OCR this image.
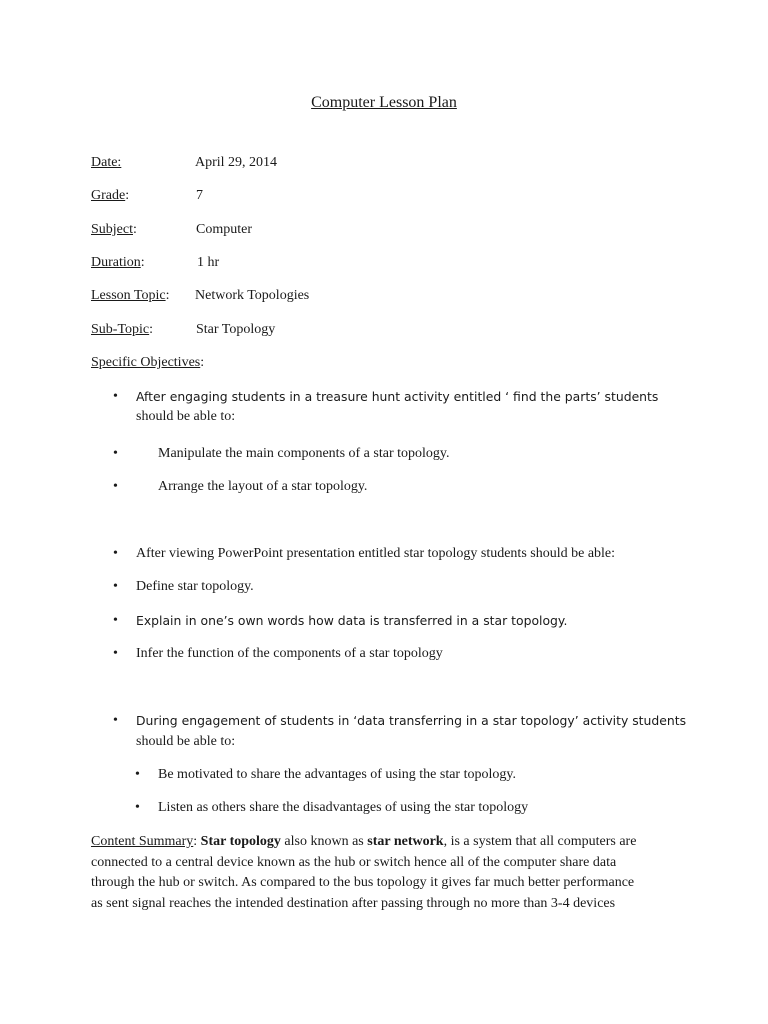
Computer Lesson Plan
Date:	April 29, 2014
Grade:	7
Subject:	Computer
Duration:	1 hr
Lesson Topic: Network Topologies
Sub-Topic:	Star Topology
Specific Objectives:
• After engaging students in a treasure hunt activity entitled ‘ find the parts’ students
should be able to:
•	Manipulate the main components of a star topology.
•	Arrange the layout of a star topology.
• After viewing PowerPoint presentation entitled star topology students should be able:
• Define star topology.
• Explain in one’s own words how data is transferred in a star topology.
• Infer the function of the components of a star topology
• During engagement of students in ‘data transferring in a star topology’ activity students
should be able to:
• Be motivated to share the advantages of using the star topology.
• Listen as others share the disadvantages of using the star topology
Content Summary: Star topology also known as star network, is a system that all computers are
connected to a central device known as the hub or switch hence all of the computer share data
through the hub or switch. As compared to the bus topology it gives far much better performance
as sent signal reaches the intended destination after passing through no more than 3-4 devices
